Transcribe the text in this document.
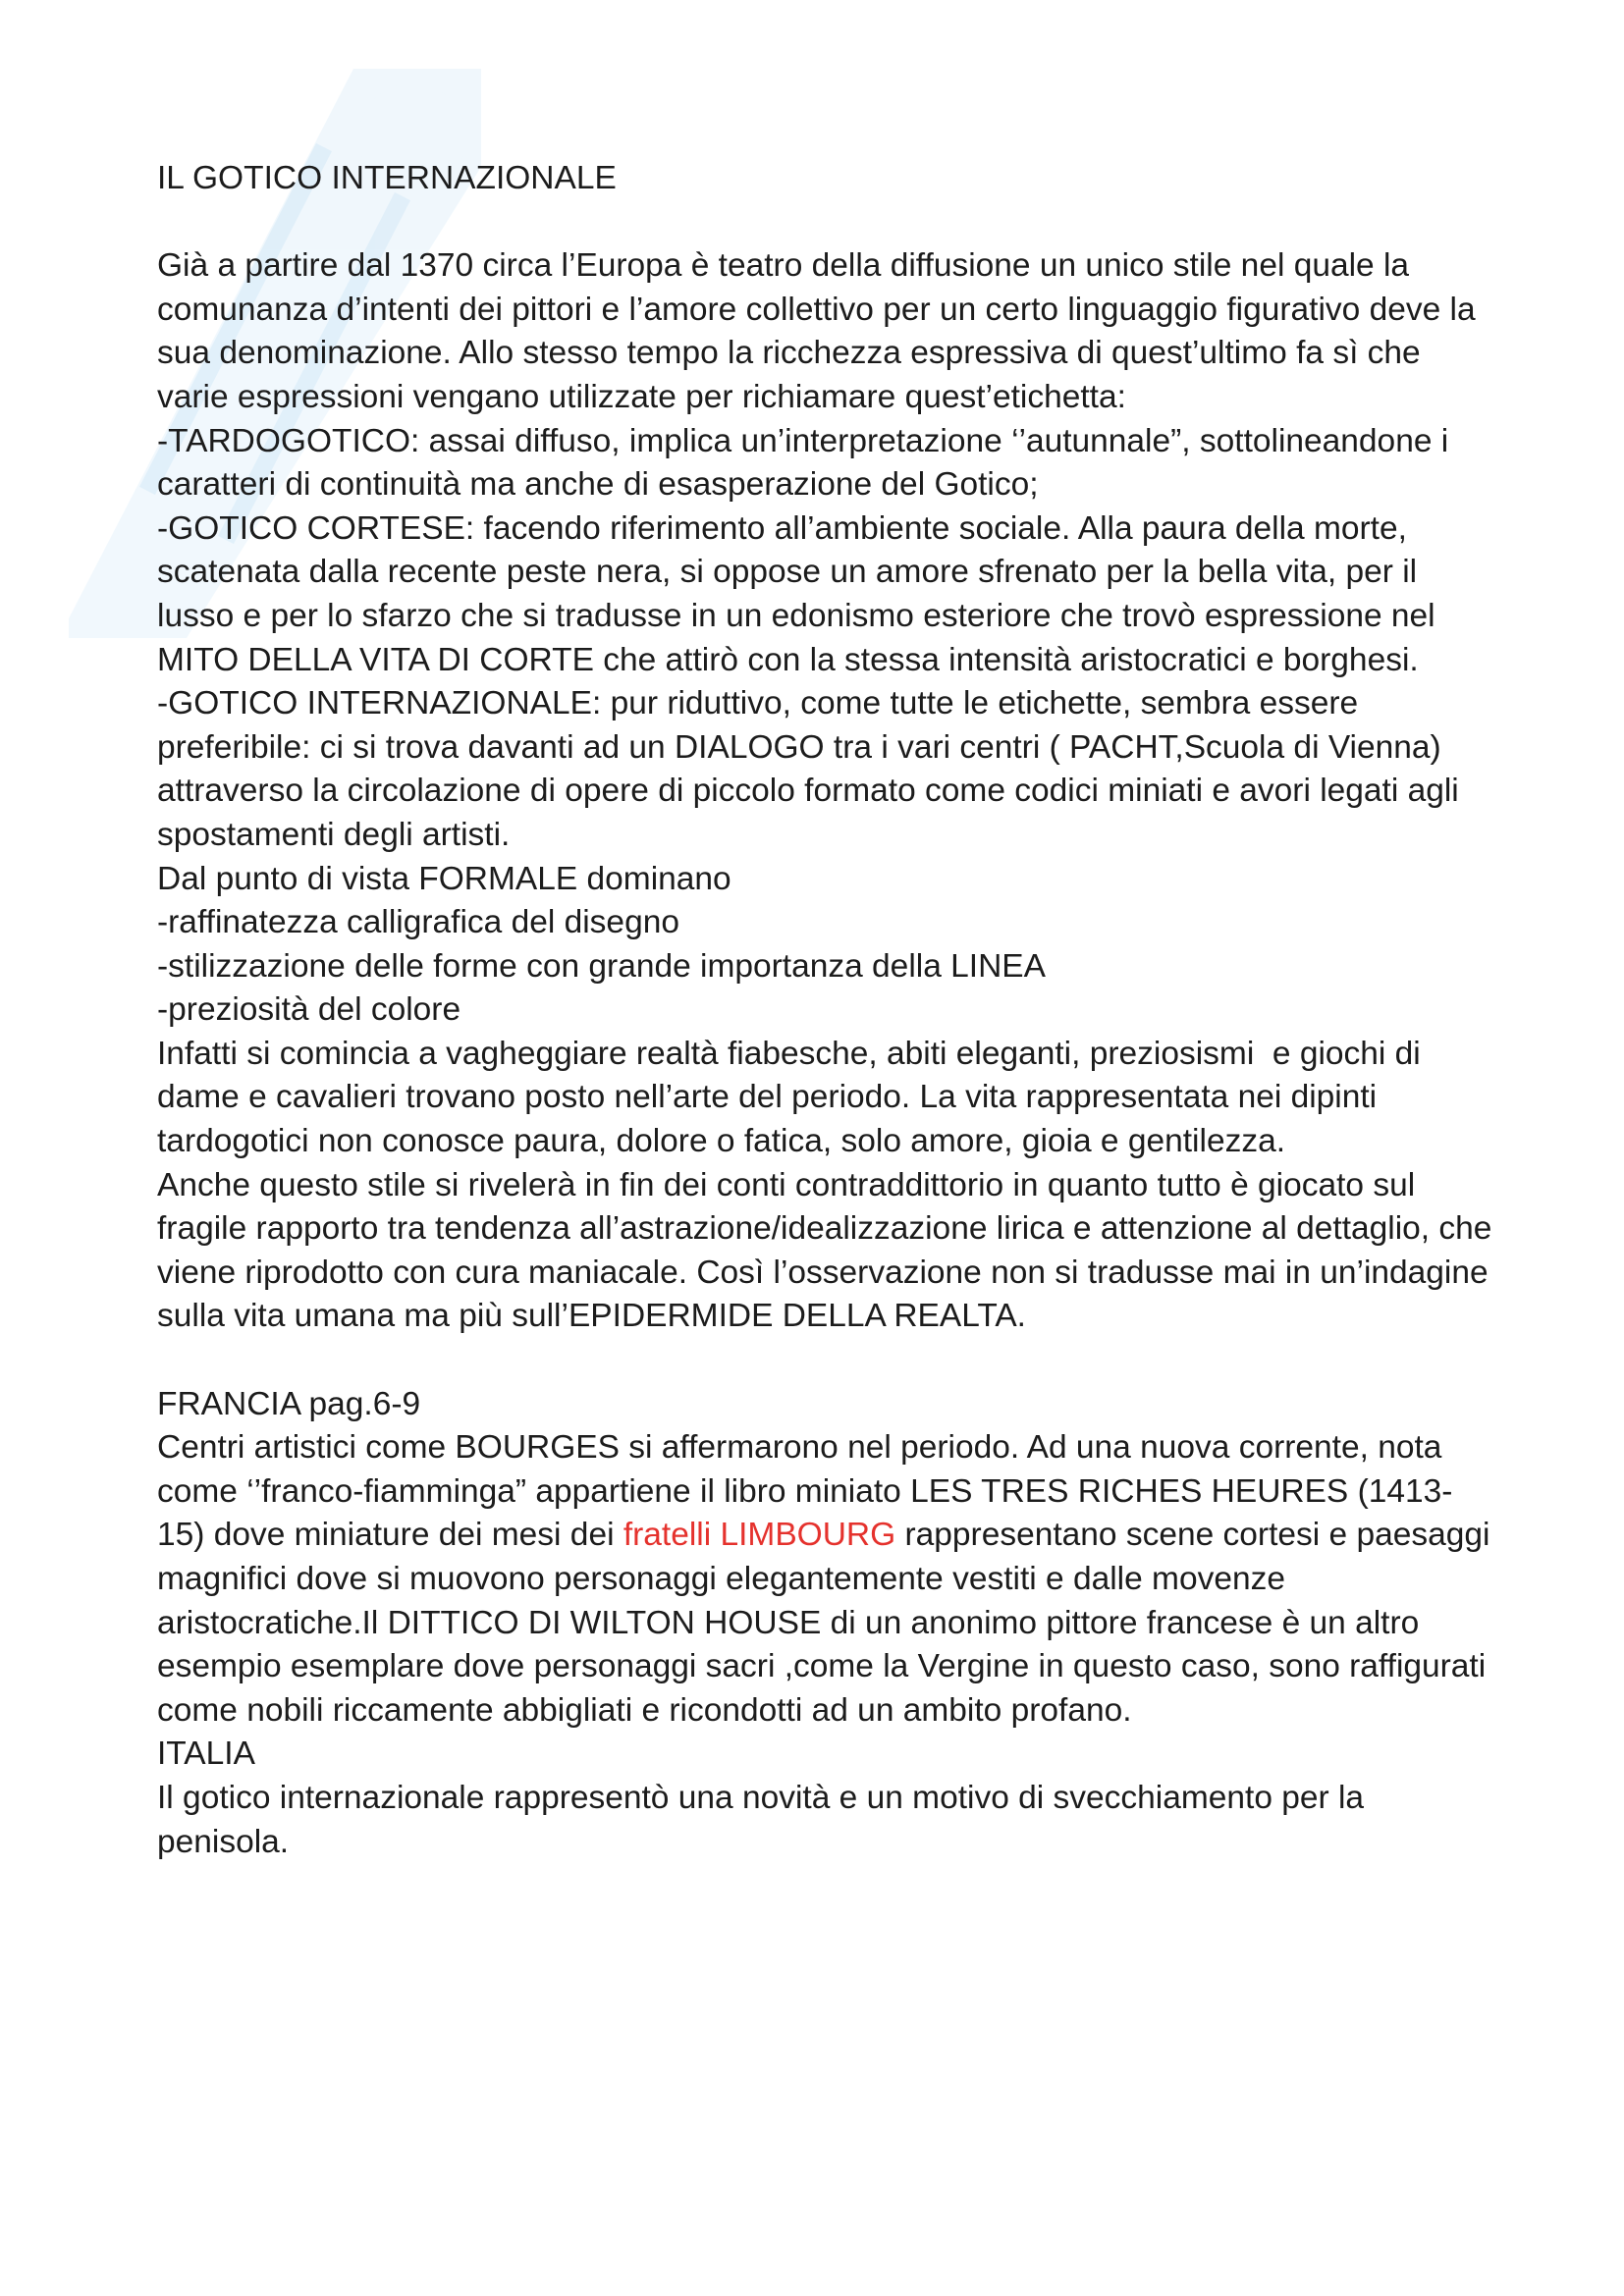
IL GOTICO INTERNAZIONALE

Già a partire dal 1370 circa l’Europa è teatro della diffusione un unico stile nel quale la comunanza d’intenti dei pittori e l’amore collettivo per un certo linguaggio figurativo deve la sua denominazione. Allo stesso tempo la ricchezza espressiva di quest’ultimo fa sì che varie espressioni vengano utilizzate per richiamare quest’etichetta:

-TARDOGOTICO: assai diffuso, implica un’interpretazione ‘’autunnale”, sottolineandone i caratteri di continuità ma anche di esasperazione del Gotico;

-GOTICO CORTESE: facendo riferimento all’ambiente sociale. Alla paura della morte, scatenata dalla recente peste nera, si oppose un amore sfrenato per la bella vita, per il lusso e per lo sfarzo che si tradusse in un edonismo esteriore che trovò espressione nel MITO DELLA VITA DI CORTE che attirò con la stessa intensità aristocratici e borghesi.

-GOTICO INTERNAZIONALE: pur riduttivo, come tutte le etichette, sembra essere preferibile: ci si trova davanti ad un DIALOGO tra i vari centri ( PACHT,Scuola di Vienna) attraverso la circolazione di opere di piccolo formato come codici miniati e avori legati agli spostamenti degli artisti.

Dal punto di vista FORMALE dominano

-raffinatezza calligrafica del disegno

-stilizzazione delle forme con grande importanza della LINEA

-preziosità del colore

Infatti si comincia a vagheggiare realtà fiabesche, abiti eleganti, preziosismi  e giochi di dame e cavalieri trovano posto nell’arte del periodo. La vita rappresentata nei dipinti tardogotici non conosce paura, dolore o fatica, solo amore, gioia e gentilezza.

Anche questo stile si rivelerà in fin dei conti contraddittorio in quanto tutto è giocato sul fragile rapporto tra tendenza all’astrazione/idealizzazione lirica e attenzione al dettaglio, che viene riprodotto con cura maniacale. Così l’osservazione non si tradusse mai in un’indagine sulla vita umana ma più sull’EPIDERMIDE DELLA REALTA.

FRANCIA pag.6-9

Centri artistici come BOURGES si affermarono nel periodo. Ad una nuova corrente, nota come ‘’franco-fiamminga” appartiene il libro miniato LES TRES RICHES HEURES (1413-15) dove miniature dei mesi dei fratelli LIMBOURG rappresentano scene cortesi e paesaggi magnifici dove si muovono personaggi elegantemente vestiti e dalle movenze aristocratiche.Il DITTICO DI WILTON HOUSE di un anonimo pittore francese è un altro esempio esemplare dove personaggi sacri ,come la Vergine in questo caso, sono raffigurati come nobili riccamente abbigliati e ricondotti ad un ambito profano.

ITALIA

Il gotico internazionale rappresentò una novità e un motivo di svecchiamento per la penisola.
